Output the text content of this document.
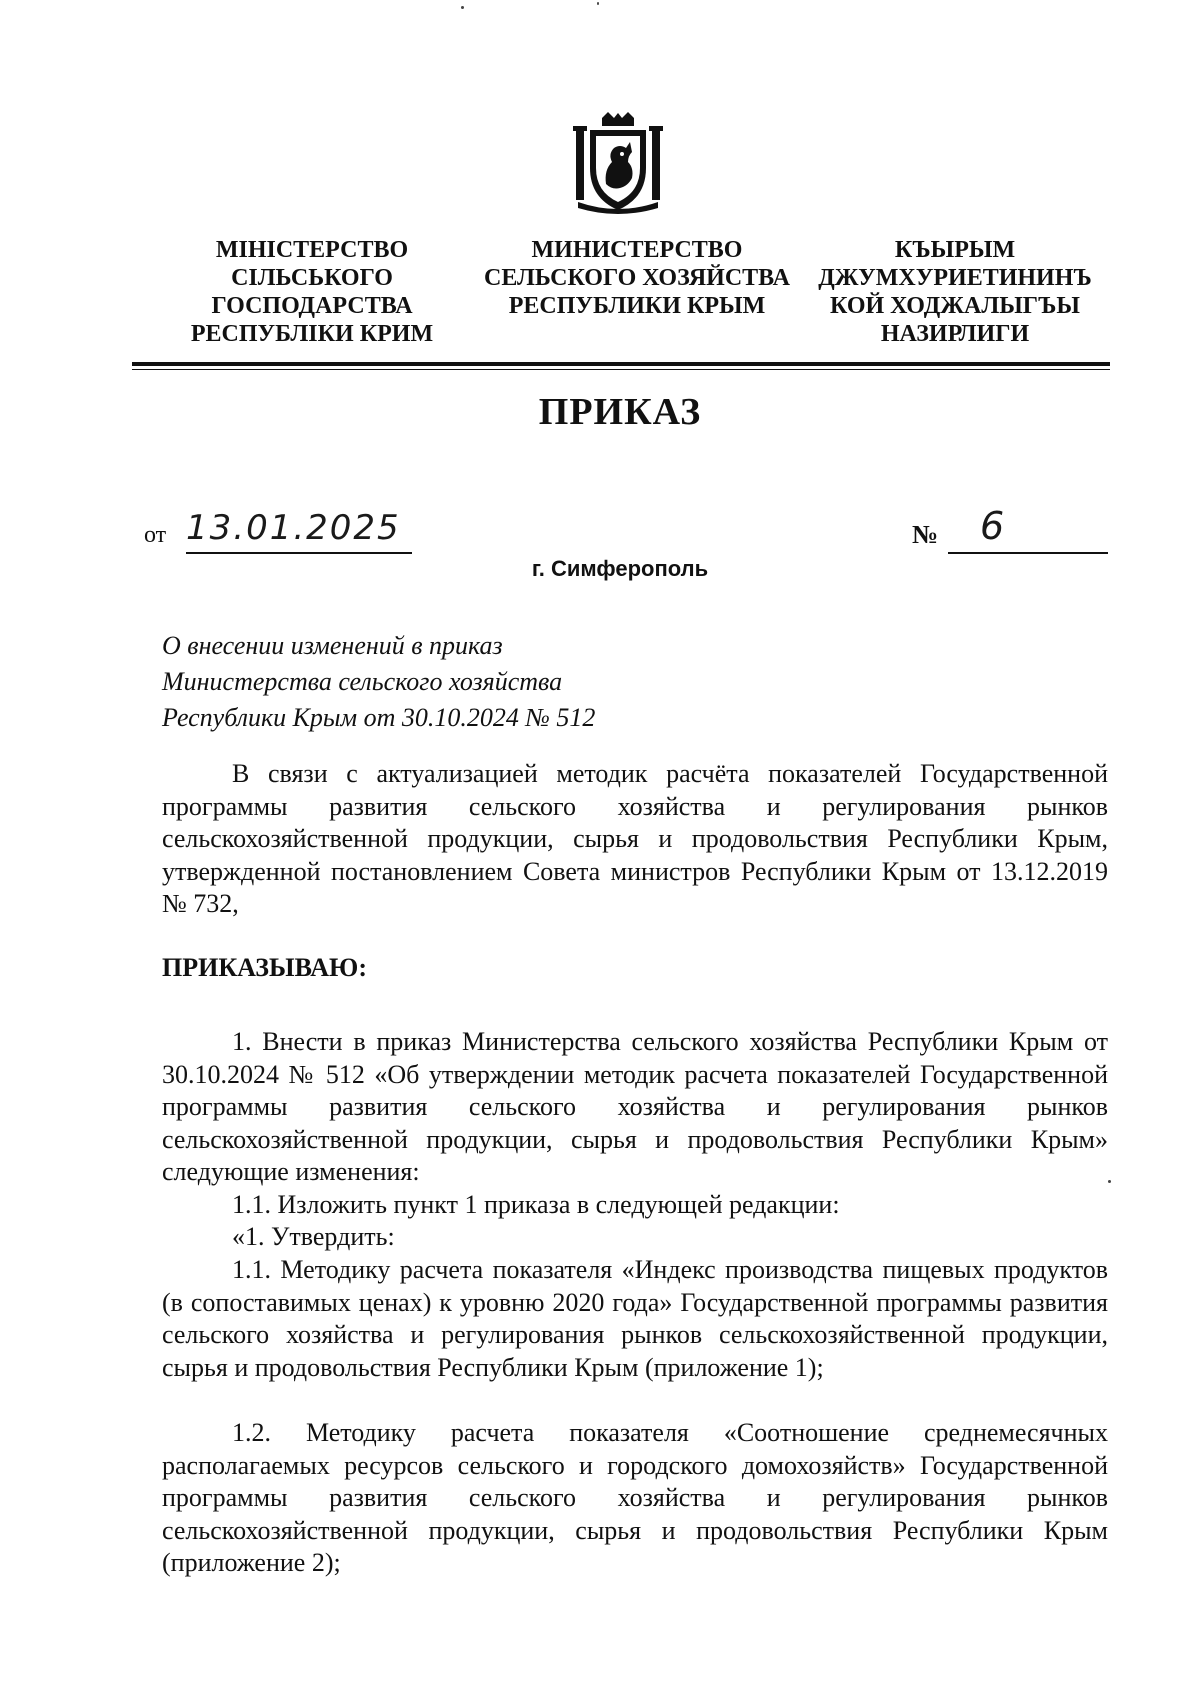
МІНІСТЕРСТВО
СІЛЬСЬКОГО
ГОСПОДАРСТВА
РЕСПУБЛІКИ КРИМ
МИНИСТЕРСТВО
СЕЛЬСКОГО ХОЗЯЙСТВА
РЕСПУБЛИКИ КРЫМ
КЪЫРЫМ
ДЖУМХУРИЕТИНИНЪ
КОЙ ХОДЖАЛЫГЪЫ
НАЗИРЛИГИ
ПРИКАЗ
от 13.01.2025	№ 6
г. Симферополь
О внесении изменений в приказ
Министерства сельского хозяйства
Республики Крым от 30.10.2024 № 512

В связи с актуализацией методик расчёта показателей Государственной программы развития сельского хозяйства и регулирования рынков сельскохозяйственной продукции, сырья и продовольствия Республики Крым, утвержденной постановлением Совета министров Республики Крым от 13.12.2019 № 732,

ПРИКАЗЫВАЮ:

1. Внести в приказ Министерства сельского хозяйства Республики Крым от 30.10.2024 № 512 «Об утверждении методик расчета показателей Государственной программы развития сельского хозяйства и регулирования рынков сельскохозяйственной продукции, сырья и продовольствия Республики Крым» следующие изменения:

1.1. Изложить пункт 1 приказа в следующей редакции:

«1. Утвердить:

1.1. Методику расчета показателя «Индекс производства пищевых продуктов (в сопоставимых ценах) к уровню 2020 года» Государственной программы развития сельского хозяйства и регулирования рынков сельскохозяйственной продукции, сырья и продовольствия Республики Крым (приложение 1);

1.2. Методику расчета показателя «Соотношение среднемесячных располагаемых ресурсов сельского и городского домохозяйств» Государственной программы развития сельского хозяйства и регулирования рынков сельскохозяйственной продукции, сырья и продовольствия Республики Крым (приложение 2);
